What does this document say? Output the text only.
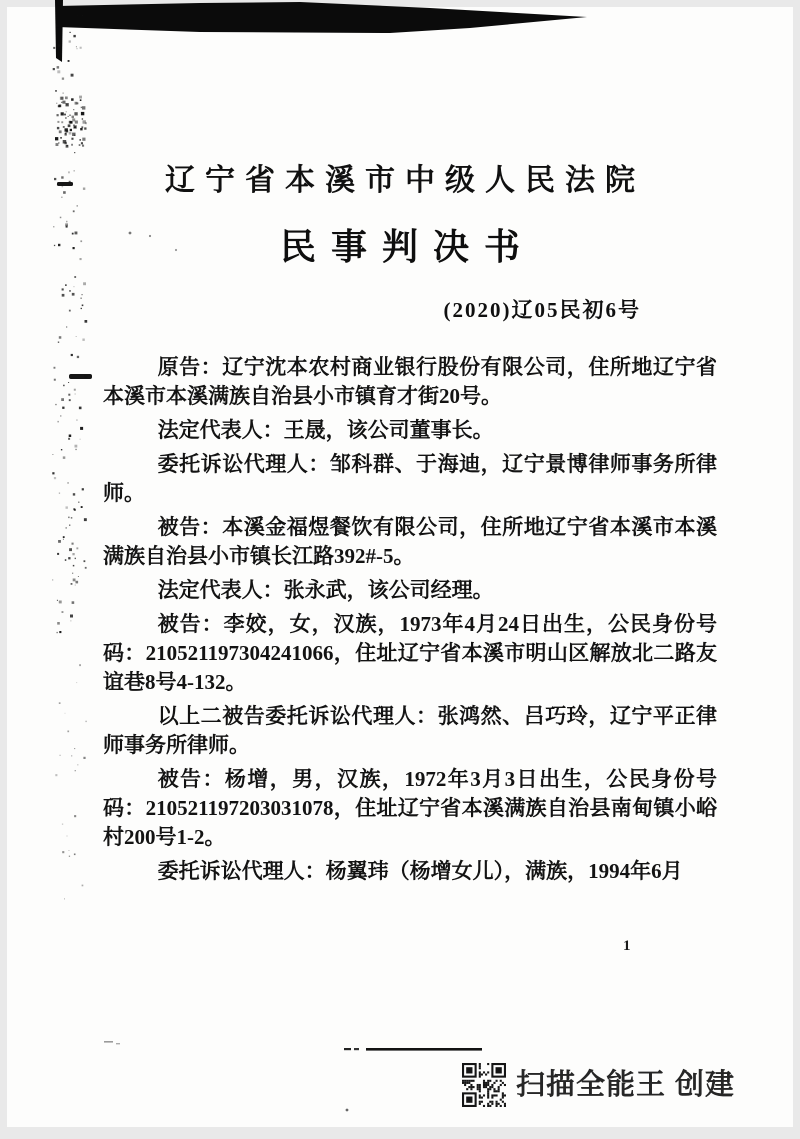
辽宁省本溪市中级人民法院
民事判决书
(2020)辽05民初6号

原告：辽宁沈本农村商业银行股份有限公司，住所地辽宁省本溪市本溪满族自治县小市镇育才街20号。

法定代表人：王晟，该公司董事长。

委托诉讼代理人：邹科群、于海迪，辽宁景博律师事务所律师。

被告：本溪金福煜餐饮有限公司，住所地辽宁省本溪市本溪满族自治县小市镇长江路392#-5。

法定代表人：张永武，该公司经理。

被告：李姣，女，汉族，1973年4月24日出生，公民身份号码：210521197304241066，住址辽宁省本溪市明山区解放北二路友谊巷8号4-132。

以上二被告委托诉讼代理人：张鸿然、吕巧玲，辽宁平正律师事务所律师。

被告：杨增，男，汉族，1972年3月3日出生，公民身份号码：210521197203031078，住址辽宁省本溪满族自治县南甸镇小峪村200号1-2。

委托诉讼代理人：杨翼玮（杨增女儿），满族，1994年6月

1
扫描全能王 创建
